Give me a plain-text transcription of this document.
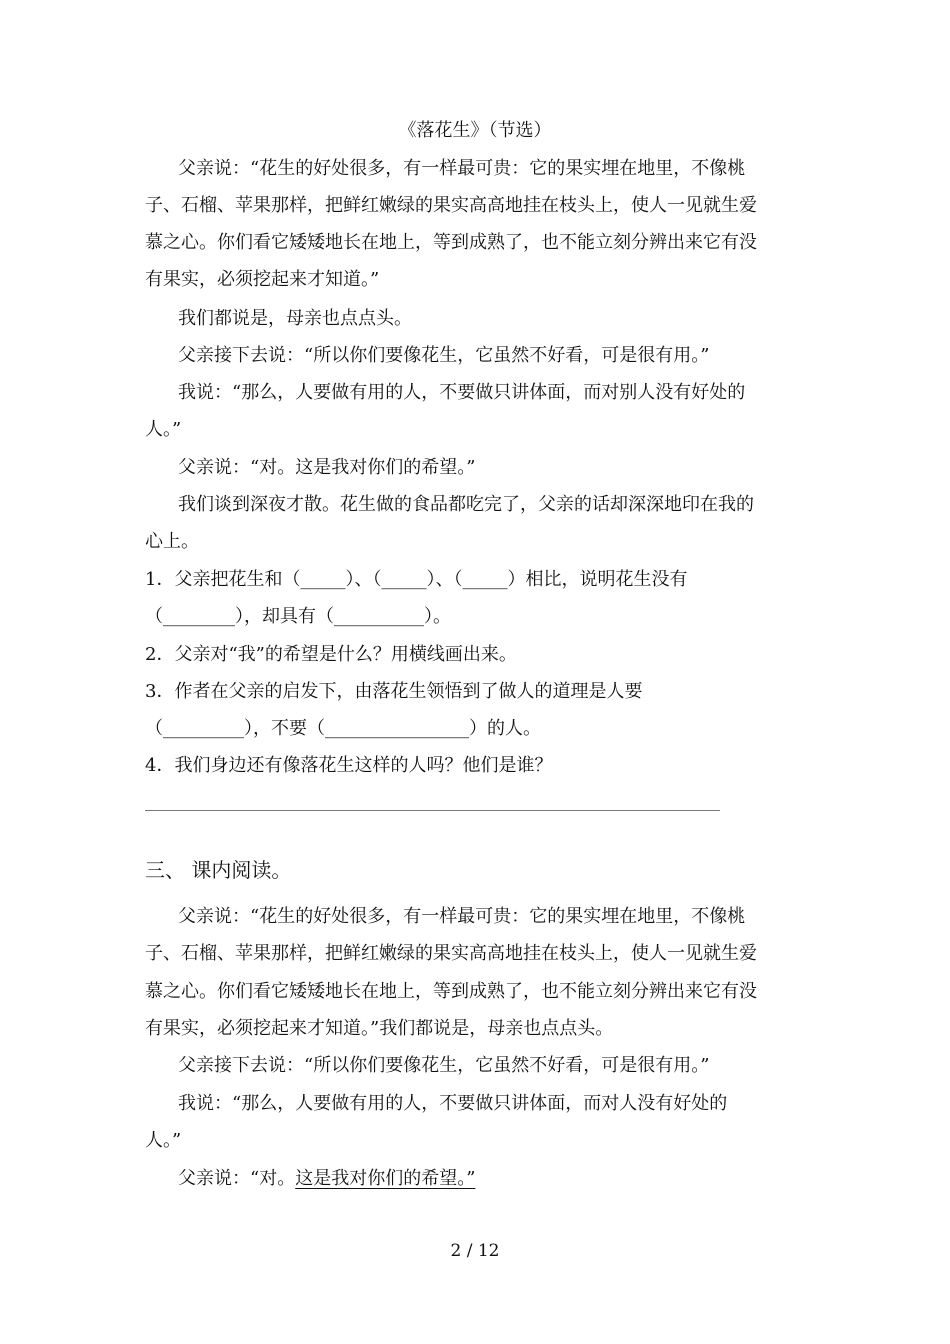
《落花生》（节选）
父亲说：“花生的好处很多，有一样最可贵：它的果实埋在地里，不像桃
子、石榴、苹果那样，把鲜红嫩绿的果实高高地挂在枝头上，使人一见就生爱
慕之心。你们看它矮矮地长在地上，等到成熟了，也不能立刻分辨出来它有没
有果实，必须挖起来才知道。”
我们都说是，母亲也点点头。
父亲接下去说：“所以你们要像花生，它虽然不好看，可是很有用。”
我说：“那么，人要做有用的人，不要做只讲体面，而对别人没有好处的
人。”
父亲说：“对。这是我对你们的希望。”
我们谈到深夜才散。花生做的食品都吃完了，父亲的话却深深地印在我的
心上。
1．父亲把花生和（_____）、（_____）、（_____）相比，说明花生没有
（________），却具有（__________）。
2．父亲对“我”的希望是什么？用横线画出来。
3．作者在父亲的启发下，由落花生领悟到了做人的道理是人要
（_________），不要（________________）的人。
4．我们身边还有像落花生这样的人吗？他们是谁？
三、 课内阅读。
父亲说：“花生的好处很多，有一样最可贵：它的果实埋在地里，不像桃
子、石榴、苹果那样，把鲜红嫩绿的果实高高地挂在枝头上，使人一见就生爱
慕之心。你们看它矮矮地长在地上，等到成熟了，也不能立刻分辨出来它有没
有果实，必须挖起来才知道。”我们都说是，母亲也点点头。
父亲接下去说：“所以你们要像花生，它虽然不好看，可是很有用。”
我说：“那么，人要做有用的人，不要做只讲体面，而对人没有好处的
人。”
父亲说：“对。这是我对你们的希望。”
2 / 12
